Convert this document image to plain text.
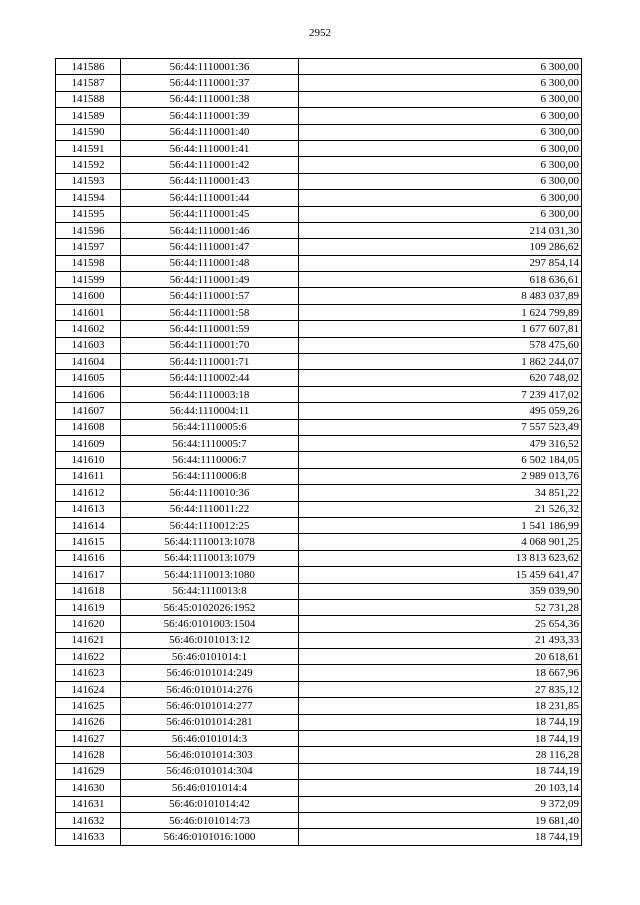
2952
141586	56:44:1110001:36	6 300,00
141587	56:44:1110001:37	6 300,00
141588	56:44:1110001:38	6 300,00
141589	56:44:1110001:39	6 300,00
141590	56:44:1110001:40	6 300,00
141591	56:44:1110001:41	6 300,00
141592	56:44:1110001:42	6 300,00
141593	56:44:1110001:43	6 300,00
141594	56:44:1110001:44	6 300,00
141595	56:44:1110001:45	6 300,00
141596	56:44:1110001:46	214 031,30
141597	56:44:1110001:47	109 286,62
141598	56:44:1110001:48	297 854,14
141599	56:44:1110001:49	618 636,61
141600	56:44:1110001:57	8 483 037,89
141601	56:44:1110001:58	1 624 799,89
141602	56:44:1110001:59	1 677 607,81
141603	56:44:1110001:70	578 475,60
141604	56:44:1110001:71	1 862 244,07
141605	56:44:1110002:44	620 748,02
141606	56:44:1110003:18	7 239 417,02
141607	56:44:1110004:11	495 059,26
141608	56:44:1110005:6	7 557 523,49
141609	56:44:1110005:7	479 316,52
141610	56:44:1110006:7	6 502 184,05
141611	56:44:1110006:8	2 989 013,76
141612	56:44:1110010:36	34 851,22
141613	56:44:1110011:22	21 526,32
141614	56:44:1110012:25	1 541 186,99
141615	56:44:1110013:1078	4 068 901,25
141616	56:44:1110013:1079	13 813 623,62
141617	56:44:1110013:1080	15 459 641,47
141618	56:44:1110013:8	359 039,90
141619	56:45:0102026:1952	52 731,28
141620	56:46:0101003:1504	25 654,36
141621	56:46:0101013:12	21 493,33
141622	56:46:0101014:1	20 618,61
141623	56:46:0101014:249	18 667,96
141624	56:46:0101014:276	27 835,12
141625	56:46:0101014:277	18 231,85
141626	56:46:0101014:281	18 744,19
141627	56:46:0101014:3	18 744,19
141628	56:46:0101014:303	28 116,28
141629	56:46:0101014:304	18 744,19
141630	56:46:0101014:4	20 103,14
141631	56:46:0101014:42	9 372,09
141632	56:46:0101014:73	19 681,40
141633	56:46:0101016:1000	18 744,19
